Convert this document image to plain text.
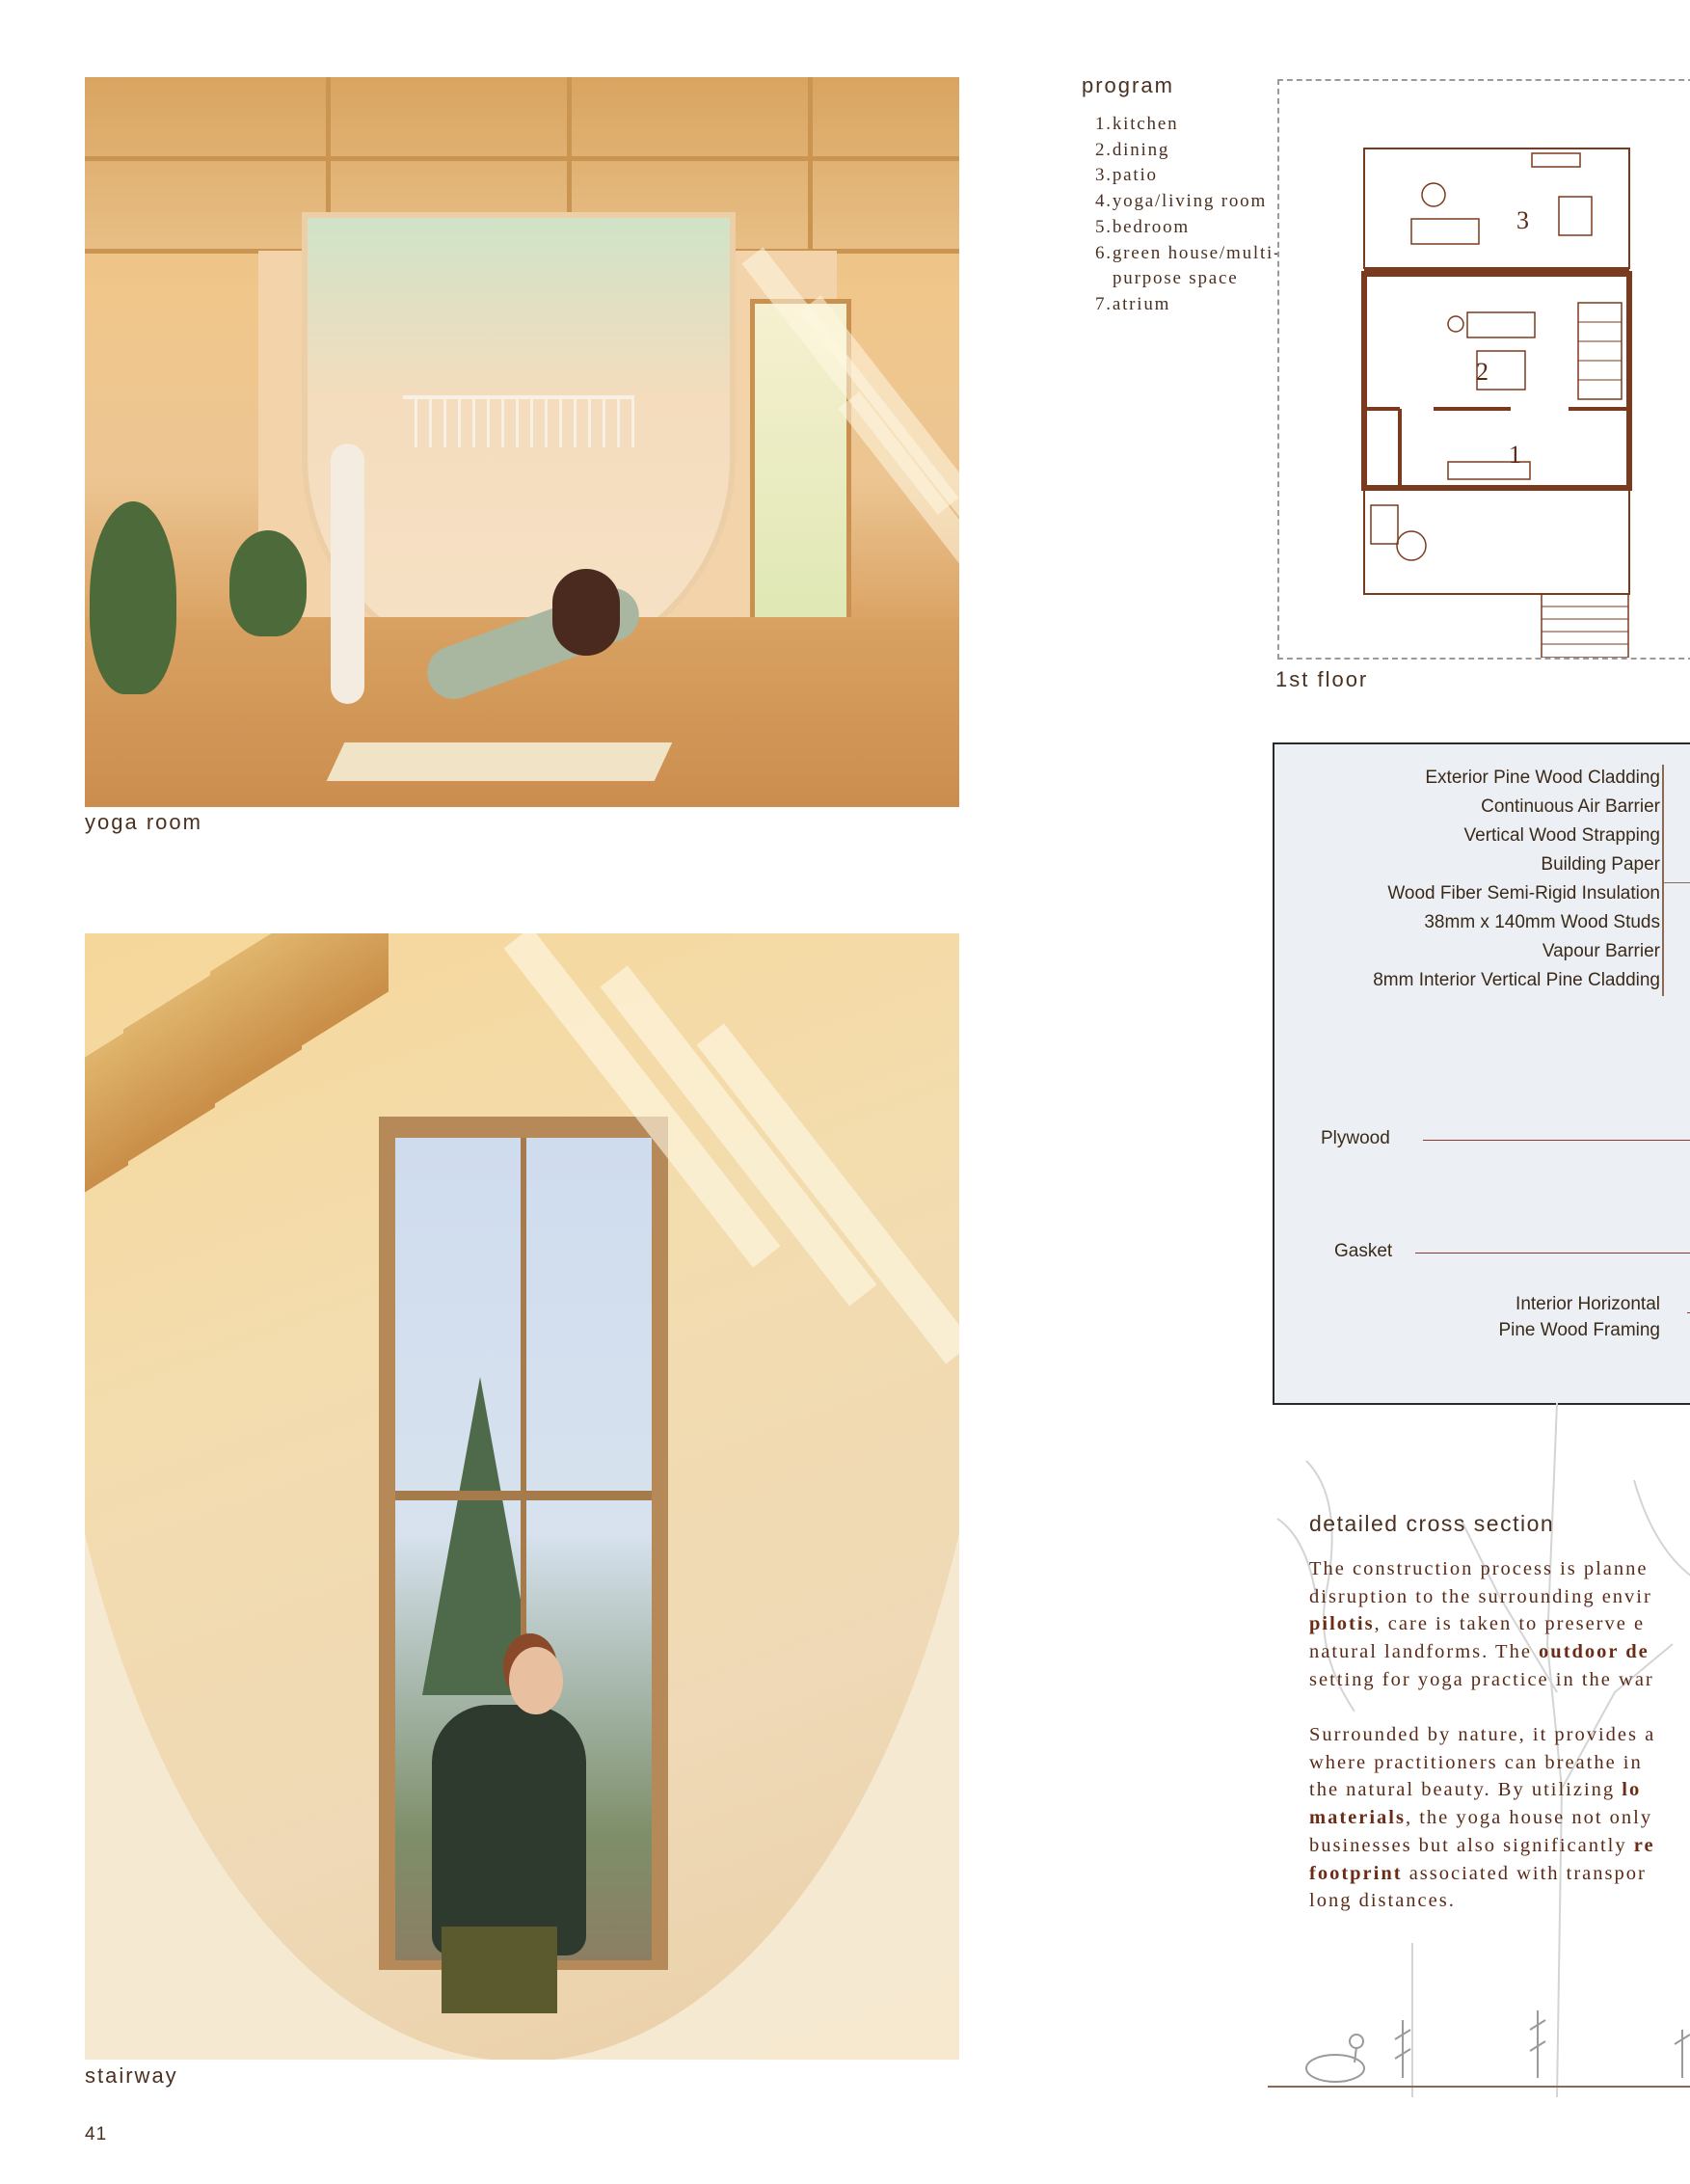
yoga room
stairway
program
1.kitchen
2.dining
3.patio
4.yoga/living room
5.bedroom
6.green house/multi-purpose space
7.atrium
3
2
1
1st floor
Exterior Pine Wood Cladding
Continuous Air Barrier
Vertical Wood Strapping
Building Paper
Wood Fiber Semi-Rigid Insulation
38mm x 140mm Wood Studs
Vapour Barrier
8mm Interior Vertical Pine Cladding
Plywood
Gasket
Interior Horizontal
Pine Wood Framing
detailed cross section
The construction process is planne
disruption to the surrounding envir
pilotis, care is taken to preserve e
natural landforms. The outdoor de
setting for yoga practice in the war
Surrounded by nature, it provides a
where practitioners can breathe in
the natural beauty. By utilizing lo
materials, the yoga house not only
businesses but also significantly re
footprint associated with transpor
long distances.
41
